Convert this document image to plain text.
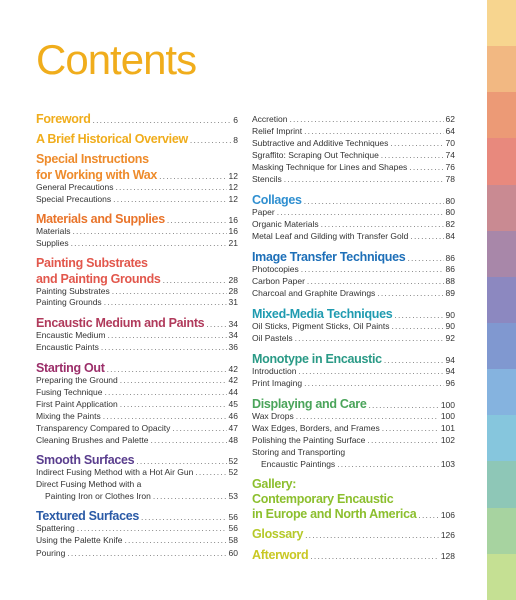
Contents
Foreword .....	6
A Brief Historical Overview .....	8
Special Instructions
for Working with Wax .....	12
General Precautions .....	12
Special Precautions .....	12
Materials and Supplies .....	16
Materials .....	16
Supplies .....	21
Painting Substrates
and Painting Grounds .....	28
Painting Substrates .....	28
Painting Grounds .....	31
Encaustic Medium and Paints .....	34
Encaustic Medium .....	34
Encaustic Paints .....	36
Starting Out .....	42
Preparing the Ground .....	42
Fusing Technique .....	44
First Paint Application .....	45
Mixing the Paints .....	46
Transparency Compared to Opacity .....	47
Cleaning Brushes and Palette .....	48
Smooth Surfaces .....	52
Indirect Fusing Method with a Hot Air Gun .....	52
Direct Fusing Method with a
Painting Iron or Clothes Iron .....	53
Textured Surfaces .....	56
Spattering .....	56
Using the Palette Knife .....	58
Pouring .....	60
Accretion .....	62
Relief Imprint .....	64
Subtractive and Additive Techniques .....	70
Sgraffito: Scraping Out Technique .....	74
Masking Technique for Lines and Shapes .....	76
Stencils .....	78
Collages .....	80
Paper .....	80
Organic Materials .....	82
Metal Leaf and Gilding with Transfer Gold .....	84
Image Transfer Techniques .....	86
Photocopies .....	86
Carbon Paper .....	88
Charcoal and Graphite Drawings .....	89
Mixed-Media Techniques .....	90
Oil Sticks, Pigment Sticks, Oil Paints .....	90
Oil Pastels .....	92
Monotype in Encaustic .....	94
Introduction .....	94
Print Imaging .....	96
Displaying and Care .....	100
Wax Drops .....	100
Wax Edges, Borders, and Frames .....	101
Polishing the Painting Surface .....	102
Storing and Transporting
Encaustic Paintings .....	103
Gallery:
Contemporary Encaustic
in Europe and North America .....	106
Glossary .....	126
Afterword .....	128
